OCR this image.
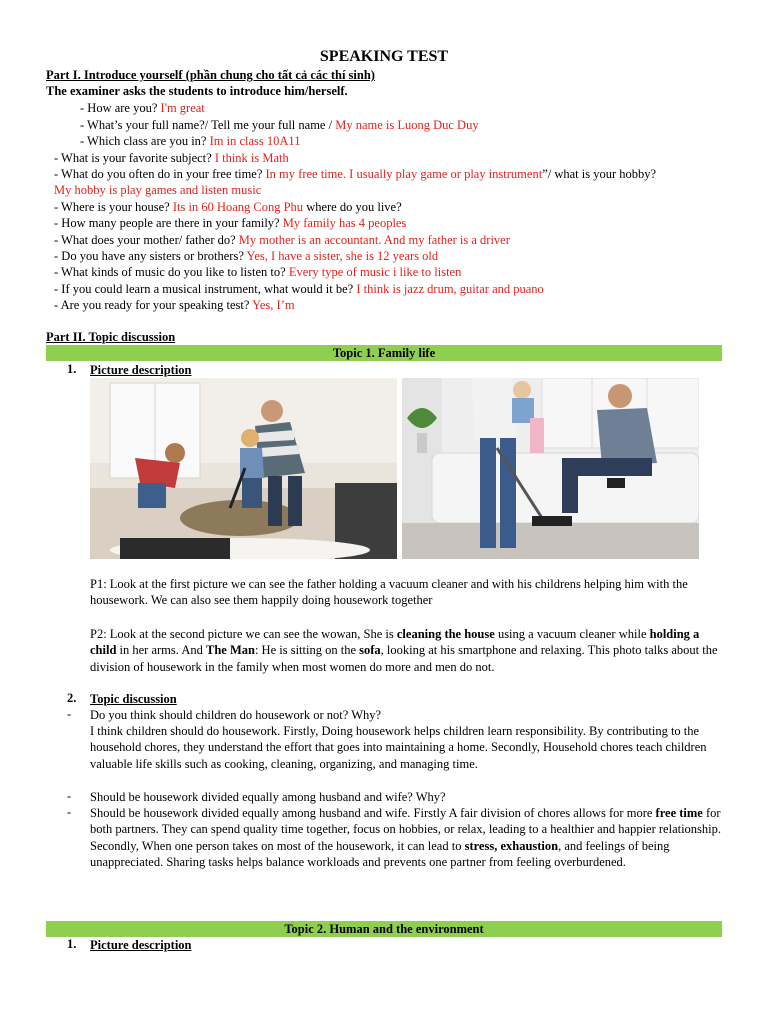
SPEAKING TEST
Part I. Introduce yourself (phần chung cho tất cả các thí sinh)
The examiner asks the students to introduce him/herself.
- How are you? I'm great
- What’s your full name?/ Tell me your full name / My name is Luong Duc Duy
- Which class are you in? Im in class 10A11
- What is your favorite subject? I think is Math
- What do you often do in your free time? In my free time. I usually play game or play instrument”/ what is your hobby?
My hobby is play games and listen music
- Where is your house? Its in 60 Hoang Cong Phu where do you live?
- How many people are there in your family? My family has 4 peoples
- What does your mother/ father do? My mother is an accountant. And my father is a driver
- Do you have any sisters or brothers? Yes, I have a sister, she is 12 years old
- What kinds of music do you like to listen to? Every type of music i like to listen
- If you could learn a musical instrument, what would it be? I think is jazz drum, guitar and puano
- Are you ready for your speaking test? Yes, I’m
Part II. Topic discussion
Topic 1. Family life
1. Picture description
P1: Look at the first picture we can see the father holding a vacuum cleaner and with his childrens helping him with the housework. We can also see them happily doing housework together
P2: Look at the second picture we can see the wowan, She is cleaning the house using a vacuum cleaner while holding a child in her arms. And The Man: He is sitting on the sofa, looking at his smartphone and relaxing. This photo talks about the division of housework in the family when most women do more and men do not.
2. Topic discussion
- Do you think should children do housework or not? Why?
I think children should do housework. Firstly, Doing housework helps children learn responsibility. By contributing to the household chores, they understand the effort that goes into maintaining a home. Secondly, Household chores teach children valuable life skills such as cooking, cleaning, organizing, and managing time.
- Should be housework divided equally among husband and wife? Why?
- Should be housework divided equally among husband and wife. Firstly A fair division of chores allows for more free time for both partners. They can spend quality time together, focus on hobbies, or relax, leading to a healthier and happier relationship. Secondly, When one person takes on most of the housework, it can lead to stress, exhaustion, and feelings of being unappreciated. Sharing tasks helps balance workloads and prevents one partner from feeling overburdened.
Topic 2. Human and the environment
1. Picture description
